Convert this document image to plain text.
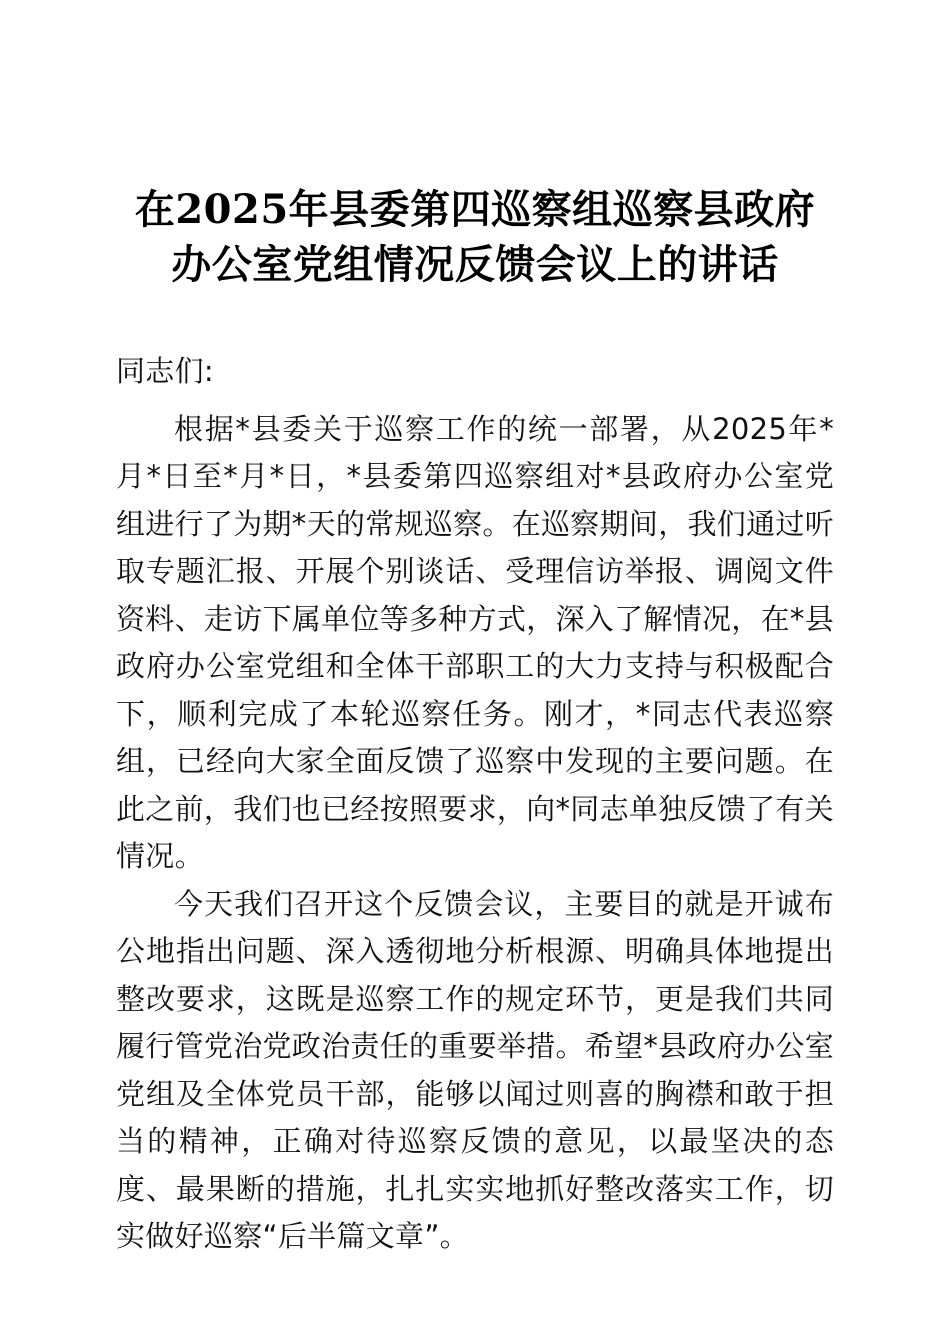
在2025年县委第四巡察组巡察县政府办公室党组情况反馈会议上的讲话

同志们:

根据*县委关于巡察工作的统一部署，从2025年*月*日至*月*日，*县委第四巡察组对*县政府办公室党组进行了为期*天的常规巡察。在巡察期间，我们通过听取专题汇报、开展个别谈话、受理信访举报、调阅文件资料、走访下属单位等多种方式，深入了解情况，在*县政府办公室党组和全体干部职工的大力支持与积极配合下，顺利完成了本轮巡察任务。刚才，*同志代表巡察组，已经向大家全面反馈了巡察中发现的主要问题。在此之前，我们也已经按照要求，向*同志单独反馈了有关情况。

今天我们召开这个反馈会议，主要目的就是开诚布公地指出问题、深入透彻地分析根源、明确具体地提出整改要求，这既是巡察工作的规定环节，更是我们共同履行管党治党政治责任的重要举措。希望*县政府办公室党组及全体党员干部，能够以闻过则喜的胸襟和敢于担当的精神，正确对待巡察反馈的意见，以最坚决的态度、最果断的措施，扎扎实实地抓好整改落实工作，切实做好巡察“后半篇文章”。
